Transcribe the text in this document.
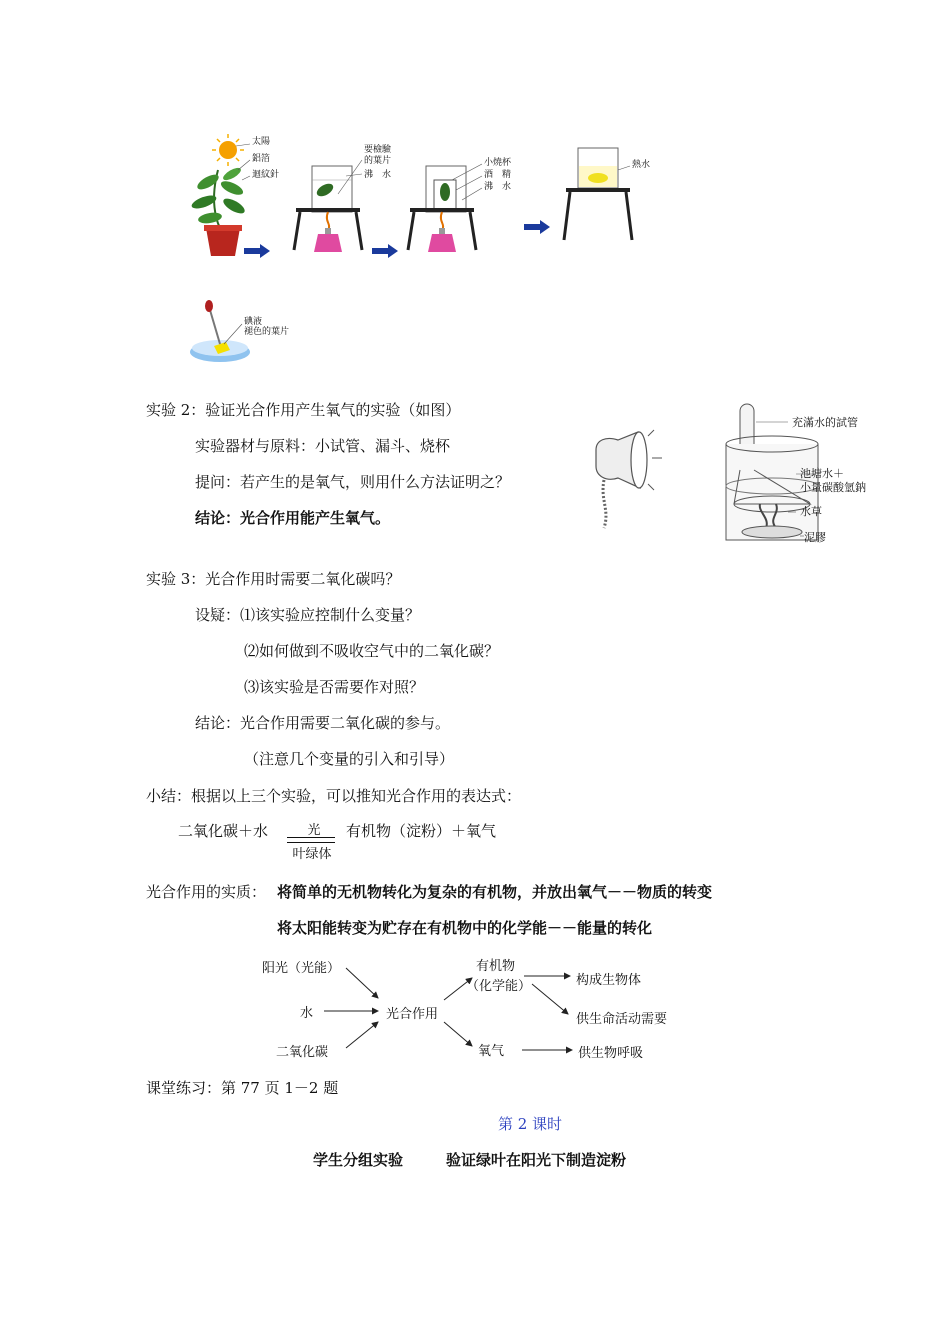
太陽
鋁箔
迴紋針
要檢驗
的葉片
沸　水
小燒杯
酒　精
沸　水
熱水
碘液
褪色的葉片
实验 2：验证光合作用产生氧气的实验（如图）
实验器材与原料：小试管、漏斗、烧杯
提问：若产生的是氧气，则用什么方法证明之？
结论：光合作用能产生氧气。
充滿水的試管
池塘水＋
小量碳酸氫鈉
水草
泥膠
实验 3：光合作用时需要二氧化碳吗？
设疑：⑴该实验应控制什么变量？
⑵如何做到不吸收空气中的二氧化碳？
⑶该实验是否需要作对照？
结论：光合作用需要二氧化碳的参与。
（注意几个变量的引入和引导）
小结：根据以上三个实验，可以推知光合作用的表达式：
二氧化碳＋水	光
叶绿体
有机物（淀粉）＋氧气
光合作用的实质： 将简单的无机物转化为复杂的有机物，并放出氧气－－物质的转变
将太阳能转变为贮存在有机物中的化学能－－能量的转化
阳光（光能）
水
二氧化碳
光合作用
有机物
（化学能）
氧气
构成生物体
供生命活动需要
供生物呼吸
课堂练习：第 77 页 1－2 题
第 2 课时
学生分组实验	验证绿叶在阳光下制造淀粉
